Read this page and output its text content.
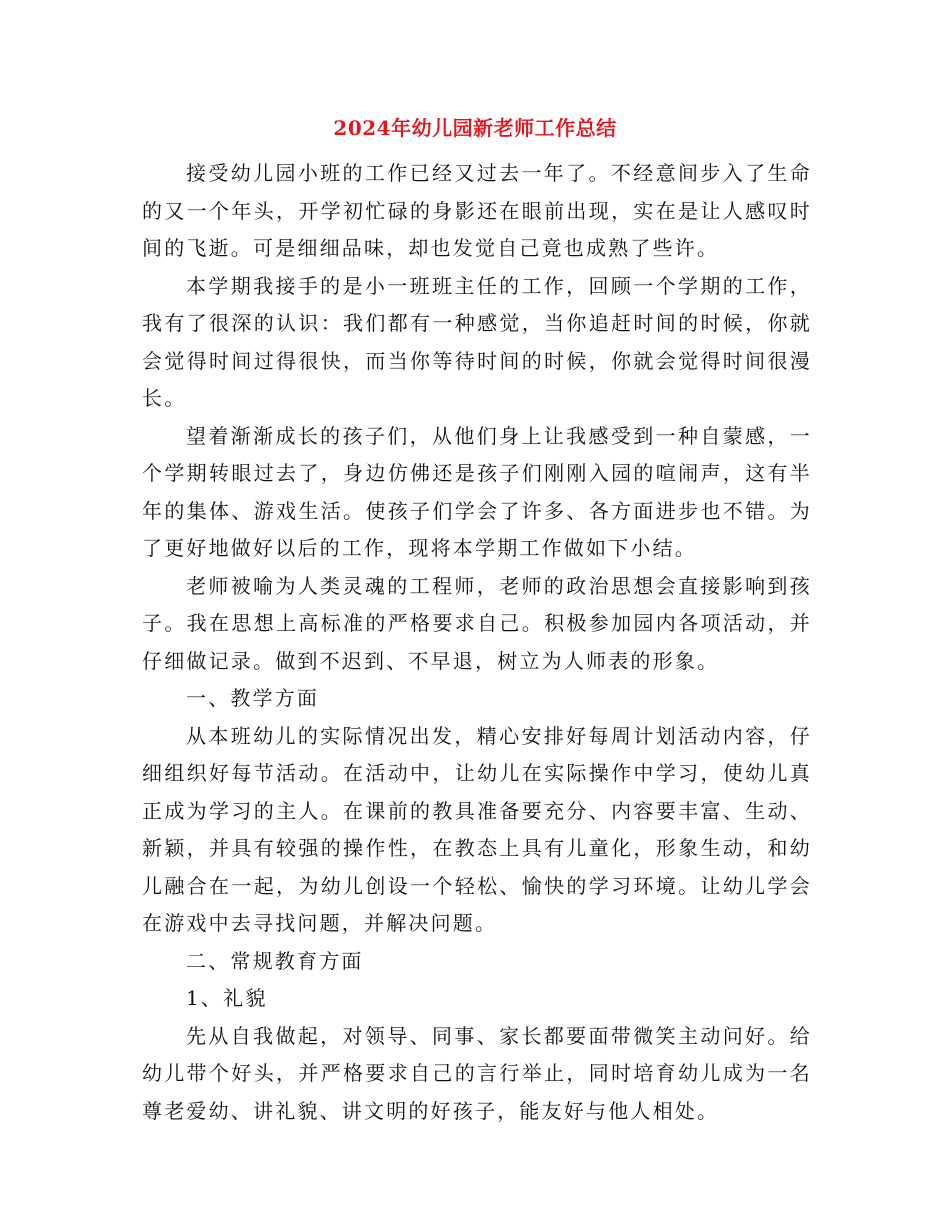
2024年幼儿园新老师工作总结

接受幼儿园小班的工作已经又过去一年了。不经意间步入了生命的又一个年头，开学初忙碌的身影还在眼前出现，实在是让人感叹时间的飞逝。可是细细品味，却也发觉自己竟也成熟了些许。

本学期我接手的是小一班班主任的工作，回顾一个学期的工作，我有了很深的认识：我们都有一种感觉，当你追赶时间的时候，你就会觉得时间过得很快，而当你等待时间的时候，你就会觉得时间很漫长。

望着渐渐成长的孩子们，从他们身上让我感受到一种自蒙感，一个学期转眼过去了，身边仿佛还是孩子们刚刚入园的喧闹声，这有半年的集体、游戏生活。使孩子们学会了许多、各方面进步也不错。为了更好地做好以后的工作，现将本学期工作做如下小结。

老师被喻为人类灵魂的工程师，老师的政治思想会直接影响到孩子。我在思想上高标准的严格要求自己。积极参加园内各项活动，并仔细做记录。做到不迟到、不早退，树立为人师表的形象。

一、教学方面

从本班幼儿的实际情况出发，精心安排好每周计划活动内容，仔细组织好每节活动。在活动中，让幼儿在实际操作中学习，使幼儿真正成为学习的主人。在课前的教具准备要充分、内容要丰富、生动、新颖，并具有较强的操作性，在教态上具有儿童化，形象生动，和幼儿融合在一起，为幼儿创设一个轻松、愉快的学习环境。让幼儿学会在游戏中去寻找问题，并解决问题。

二、常规教育方面

1、礼貌

先从自我做起，对领导、同事、家长都要面带微笑主动问好。给幼儿带个好头，并严格要求自己的言行举止，同时培育幼儿成为一名尊老爱幼、讲礼貌、讲文明的好孩子，能友好与他人相处。
